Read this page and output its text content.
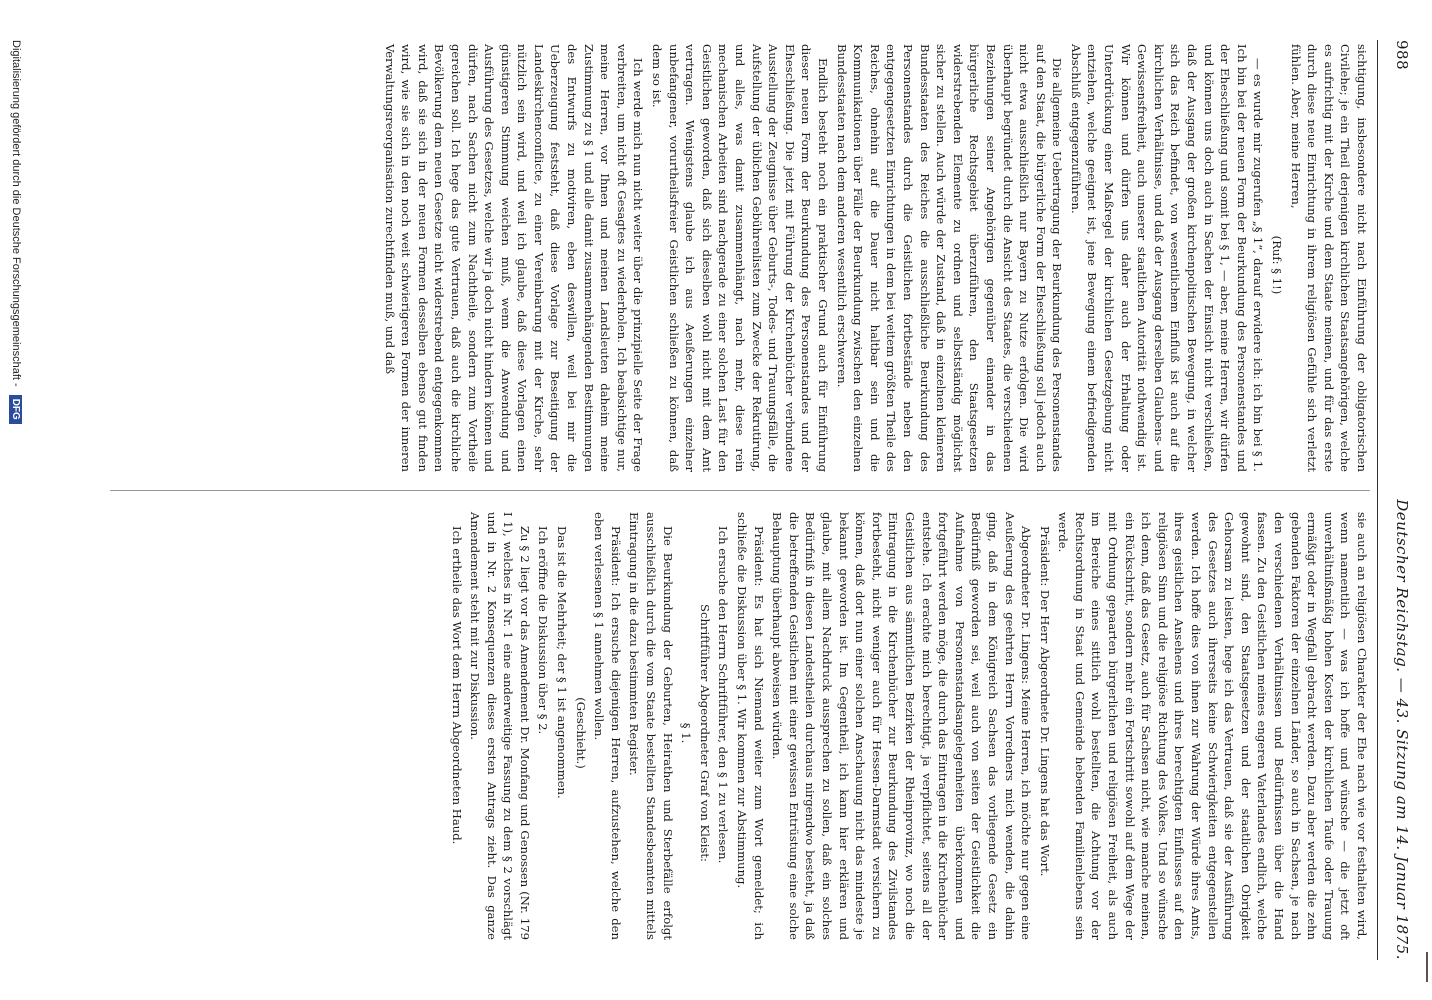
988
Deutscher Reichstag. — 43. Sitzung am 14. Januar 1875.

sichtigung, insbesondere nicht nach Einführung der obligatorischen Civilehe; je ein Theil derjenigen kirchlichen Staatsangehörigen, welche es aufrichtig mit der Kirche und dem Staate meinen, und für das erste durch diese neue Einrichtung in ihrem religiösen Gefühle sich verletzt fühlen. Aber, meine Herren,

(Ruf: § 1!)

— es wurde mir zugerufen „§ 1“, darauf erwidere ich: ich bin bei § 1. Ich bin bei der neuen Form der Beurkundung des Personenstandes und der Eheschließung und somit bei § 1, — aber, meine Herren, wir dürfen und können uns doch auch in Sachen der Einsicht nicht verschließen, daß der Ausgang der großen kirchenpolitischen Bewegung, in welcher sich das Reich befindet, von wesentlichem Einfluß ist auch auf die kirchlichen Verhältnisse, und daß der Ausgang derselben Glaubens- und Gewissensfreiheit, auch unserer staatlichen Autorität nothwendig ist. Wir können und dürfen uns daher auch der Erhaltung oder Unterdrückung einer Maßregel der kirchlichen Gesetzgebung nicht entziehen, welche geeignet ist, jene Bewegung einem befriedigenden Abschluß entgegenzuführen.

Die allgemeine Uebertragung der Beurkundung des Personenstandes auf den Staat, die bürgerliche Form der Eheschließung soll jedoch auch nicht etwa ausschließlich nur Bayern zu Nutze erfolgen. Die wird überhaupt begründet durch die Ansicht des Staates, die verschiedenen Beziehungen seiner Angehörigen gegenüber einander in das bürgerliche Rechtsgebiet überzuführen, den Staatsgesetzen widerstrebenden Elemente zu ordnen und selbstständig möglichst sicher zu stellen. Auch würde der Zustand, daß in einzelnen kleineren Bundesstaaten des Reiches die ausschließliche Beurkundung des Personenstandes durch die Geistlichen fortbestände neben den entgegengesetzten Einrichtungen in dem bei weitem größten Theile des Reiches, ohnehin auf die Dauer nicht haltbar sein und die Kommunikationen über Fälle der Beurkundung zwischen den einzelnen Bundesstaaten nach dem anderen wesentlich erschweren.

Endlich besteht noch ein praktischer Grund auch für Einführung dieser neuen Form der Beurkundung des Personenstandes und der Eheschließung. Die jetzt mit Führung der Kirchenbücher verbundene Ausstellung der Zeugnisse über Geburts-, Todes- und Trauungsfälle, die Aufstellung der üblichen Gebührenlisten zum Zwecke der Rekrutirung, und alles, was damit zusammenhängt, nach mehr, diese rein mechanischen Arbeiten sind nachgerade zu einer solchen Last für den Geistlichen geworden, daß sich dieselben wohl nicht mit dem Amt vertragen. Wenigstens glaube ich aus Aeußerungen einzelner unbefangener, vorurtheilsfreier Geistlichen schließen zu können, daß dem so ist.

Ich werde mich nun nicht weiter über die prinzipielle Seite der Frage verbreiten, um nicht oft Gesagtes zu wiederholen. Ich beabsichtige nur, meine Herren, vor Ihnen und meinen Landsleuten daheim meine Zustimmung zu § 1 und alle damit zusammenhängenden Bestimmungen des Entwurfs zu motiviren, eben deswillen, weil bei mir die Ueberzeugung feststeht, daß diese Vorlage zur Beseitigung der Landeskirchenconflicte, zu einer Vereinbarung mit der Kirche, sehr nützlich sein wird, und weil ich glaube, daß diese Vorlagen einen günstigeren Stimmung weichen muß, wenn die Anwendung und Ausführung des Gesetzes, welche wir ja doch nicht hindern können und dürfen, nach Sachen nicht zum Nachtheile, sondern zum Vortheile gereichen soll. Ich hege das gute Vertrauen, daß auch die kirchliche Bevölkerung dem neuen Gesetze nicht widerstrebend entgegenkommen wird, daß sie sich in der neuen Formen desselben ebenso gut finden wird, wie sie sich in den noch weit schwierigeren Formen der inneren Verwaltungsreorganisation zurechtfinden muß, und daß

sie auch an religiösen Charakter der Ehe nach wie vor festhalten wird, wenn namentlich — was ich hoffe und wünsche — die jetzt oft unverhältnißmäßig hohen Kosten der kirchlichen Taufe oder Trauung ermäßigt oder in Wegfall gebracht werden. Dazu aber werden die zehn gebenden Faktoren der einzelnen Länder, so auch in Sachsen, je nach den verschiedenen Verhältnissen und Bedürfnissen über die Hand fassen. Zu den Geistlichen meines engeren Vaterlandes endlich, welche gewohnt sind, den Staatsgesetzen und der staatlichen Obrigkeit Gehorsam zu leisten, hege ich das Vertrauen, daß sie der Ausführung des Gesetzes auch ihrerseits keine Schwierigkeiten entgegenstellen werden. Ich hoffe dies von ihnen zur Wahrung der Würde ihres Amts, ihres geistlichen Ansehens und ihres berechtigten Einflusses auf den religiösen Sinn und die religiöse Richtung des Volkes. Und so wünsche ich denn, daß das Gesetz, auch für Sachsen nicht, wie manche meinen, ein Rückschritt, sondern mehr ein Fortschritt sowohl auf dem Wege der mit Ordnung gepaarten bürgerlichen und religiösen Freiheit, als auch im Bereiche eines sittlich wohl bestellten, die Achtung vor der Rechtsordnung in Staat und Gemeinde hebenden Familienlebens sein werde.

Präsident: Der Herr Abgeordnete Dr. Lingens hat das Wort.

Abgeordneter Dr. Lingens: Meine Herren, ich möchte nur gegen eine Aeußerung des geehrten Herrn Vorredners mich wenden, die dahin ging, daß in dem Königreich Sachsen das vorliegende Gesetz ein Bedürfniß geworden sei, weil auch von seiten der Geistlichkeit die Aufnahme von Personenstandsangelegenheiten überkommen und fortgeführt werden möge, die durch das Eintragen in die Kirchenbücher entstehe. Ich erachte mich berechtigt, ja verpflichtet, seitens all der Geistlichen aus sämmtlichen Bezirken der Rheinprovinz, wo noch die Eintragung in die Kirchenbücher zur Beurkundung des Zivilstandes fortbesteht, nicht weniger auch für Hessen-Darmstadt versichern zu können, daß dort nun einer solchen Anschauung nicht das mindeste je bekannt geworden ist. Im Gegentheil, ich kann hier erklären und glaube, mit allem Nachdruck aussprechen zu sollen, daß ein solches Bedürfniß in diesen Landestheilen durchaus nirgendwo besteht, ja daß die betreffenden Geistlichen mit einer gewissen Entrüstung eine solche Behauptung überhaupt abweisen würden.

Präsident: Es hat sich Niemand weiter zum Wort gemeldet; ich schließe die Diskussion über § 1. Wir kommen zur Abstimmung.

Ich ersuche den Herrn Schriftführer, den § 1 zu verlesen.

Schriftführer Abgeordneter Graf von Kleist:

§ 1.

Die Beurkundung der Geburten, Heirathen und Sterbefälle erfolgt ausschließlich durch die vom Staate bestellten Standesbeamten mittels Eintragung in die dazu bestimmten Register.

Präsident: Ich ersuche diejenigen Herren, aufzustehen, welche den eben verlesenen § 1 annehmen wollen.

(Geschieht.)

Das ist die Mehrheit; der § 1 ist angenommen.

Ich eröffne die Diskussion über § 2.

Zu § 2 liegt vor das Amendement Dr. Monfang und Genossen (Nr. 179 I 1), welches in Nr. 1 eine anderweitige Fassung zu dem § 2 vorschlägt und in Nr. 2 Konsequenzen dieses ersten Antrags zieht. Das ganze Amendement steht mit zur Diskussion.

Ich ertheile das Wort dem Herrn Abgeordneten Haud.

Digitalisierung gefördert durch die Deutsche Forschungsgemeinschaft -
DFG
